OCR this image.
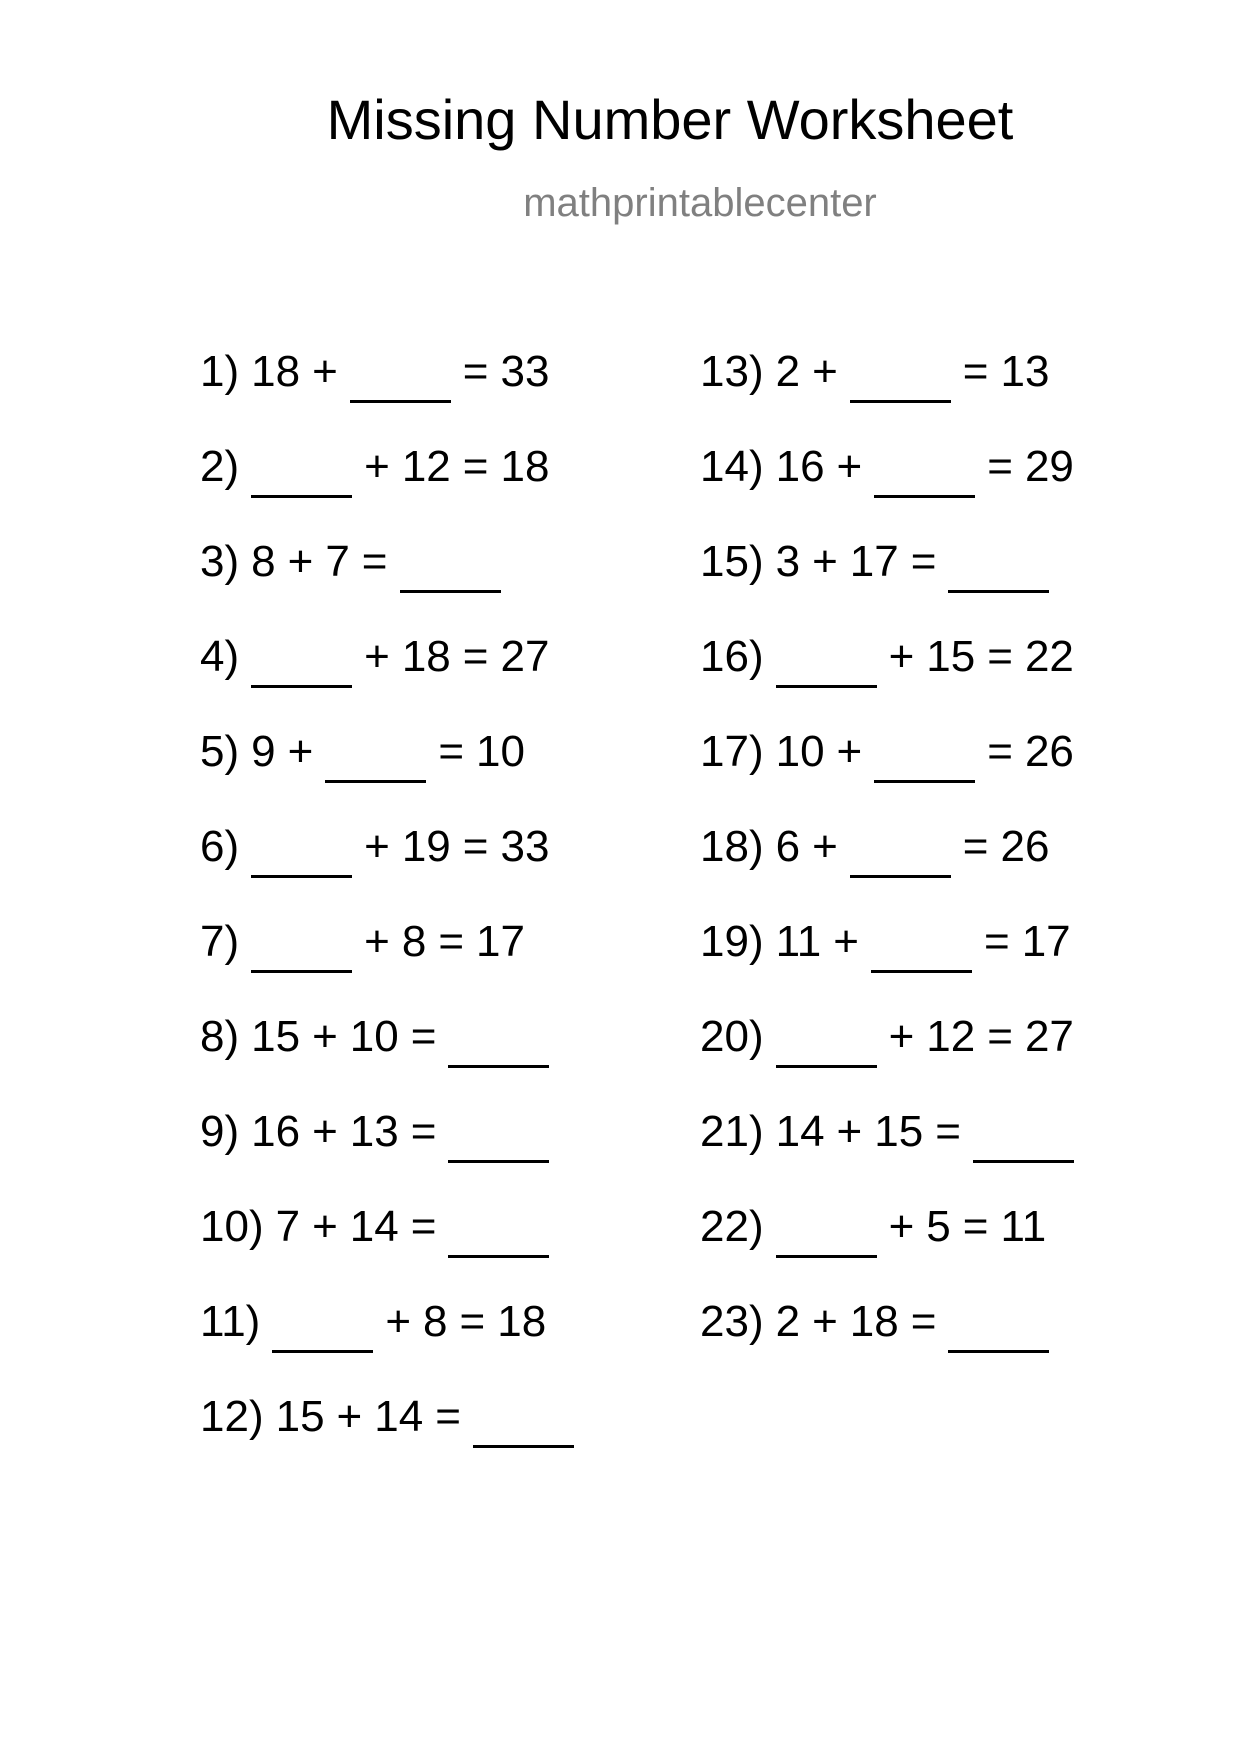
Missing Number Worksheet
mathprintablecenter
1) 18 +	= 33
2)	+ 12 = 18
3) 8 + 7 =
4)	+ 18 = 27
5) 9 +	= 10
6)	+ 19 = 33
7)	+ 8 = 17
8) 15 + 10 =
9) 16 + 13 =
10) 7 + 14 =
11)	+ 8 = 18
12) 15 + 14 =
13) 2 +	= 13
14) 16 +	= 29
15) 3 + 17 =
16)	+ 15 = 22
17) 10 +	= 26
18) 6 +	= 26
19) 11 +	= 17
20)	+ 12 = 27
21) 14 + 15 =
22)	+ 5 = 11
23) 2 + 18 =
